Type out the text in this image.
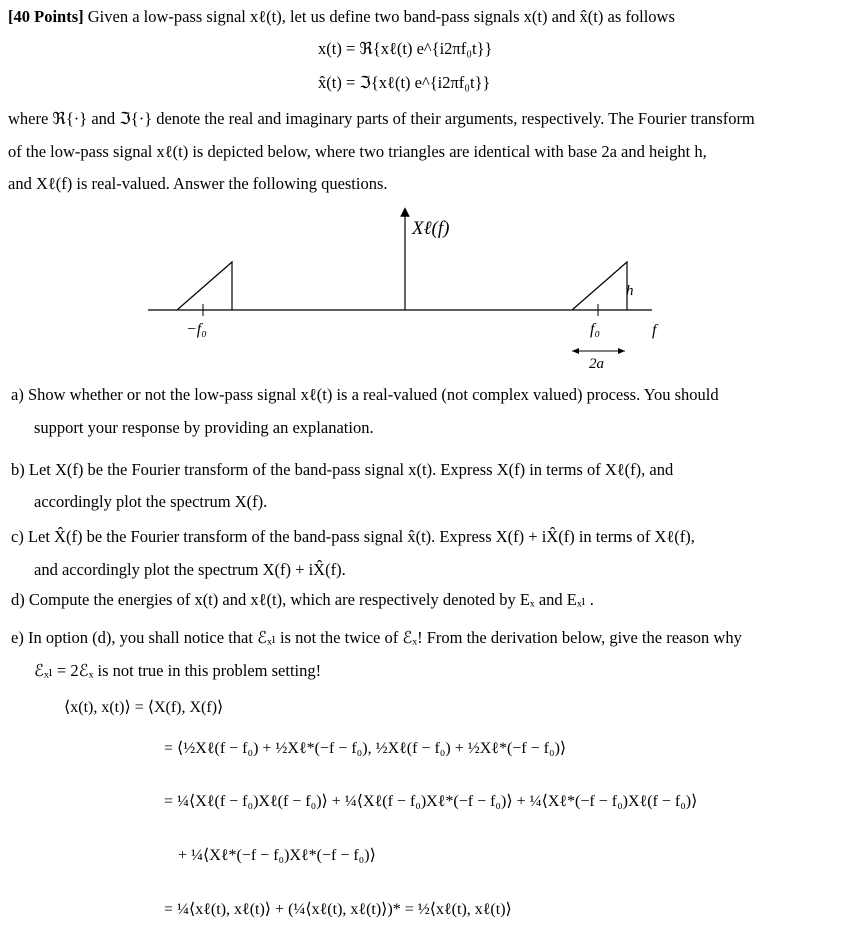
[40 Points] Given a low-pass signal xℓ(t), let us define two band-pass signals x(t) and x̂(t) as follows
x(t) = ℜ{xℓ(t) e^{i2πf₀t}}
x̂(t) = ℑ{xℓ(t) e^{i2πf₀t}}
where ℜ{·} and ℑ{·} denote the real and imaginary parts of their arguments, respectively. The Fourier transform
of the low-pass signal xℓ(t) is depicted below, where two triangles are identical with base 2a and height h,
and Xℓ(f) is real-valued. Answer the following questions.
Xℓ(f)
−f₀	f₀	f
h
2a
a) Show whether or not the low-pass signal xℓ(t) is a real-valued (not complex valued) process. You should
support your response by providing an explanation.
b) Let X(f) be the Fourier transform of the band-pass signal x(t). Express X(f) in terms of Xℓ(f), and
accordingly plot the spectrum X(f).
c) Let X̂(f) be the Fourier transform of the band-pass signal x̂(t). Express X(f) + iX̂(f) in terms of Xℓ(f),
and accordingly plot the spectrum X(f) + iX̂(f).
d) Compute the energies of x(t) and xℓ(t), which are respectively denoted by Eₓ and Eₓₗ .
e) In option (d), you shall notice that ℰₓₗ is not the twice of ℰₓ! From the derivation below, give the reason why
ℰₓₗ = 2ℰₓ is not true in this problem setting!
⟨x(t), x(t)⟩ = ⟨X(f), X(f)⟩
= ⟨½Xℓ(f − f₀) + ½Xℓ*(−f − f₀), ½Xℓ(f − f₀) + ½Xℓ*(−f − f₀)⟩
= ¼⟨Xℓ(f − f₀)Xℓ(f − f₀)⟩ + ¼⟨Xℓ(f − f₀)Xℓ*(−f − f₀)⟩ + ¼⟨Xℓ*(−f − f₀)Xℓ(f − f₀)⟩
+ ¼⟨Xℓ*(−f − f₀)Xℓ*(−f − f₀)⟩
= ¼⟨xℓ(t), xℓ(t)⟩ + (¼⟨xℓ(t), xℓ(t)⟩)* = ½⟨xℓ(t), xℓ(t)⟩
